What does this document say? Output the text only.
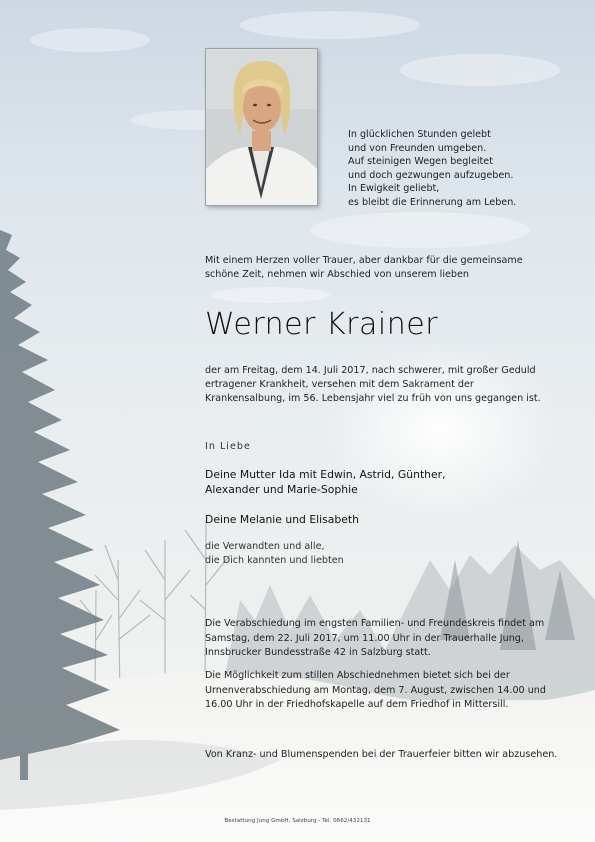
In glücklichen Stunden gelebt
und von Freunden umgeben.
Auf steinigen Wegen begleitet
und doch gezwungen aufzugeben.
In Ewigkeit geliebt,
es bleibt die Erinnerung am Leben.
Mit einem Herzen voller Trauer, aber dankbar für die gemeinsame schöne Zeit, nehmen wir Abschied von unserem lieben
Werner Krainer
der am Freitag, dem 14. Juli 2017, nach schwerer, mit großer Geduld ertragener Krankheit, versehen mit dem Sakrament der Krankensalbung, im 56. Lebensjahr viel zu früh von uns gegangen ist.
In Liebe
Deine Mutter Ida mit Edwin, Astrid, Günther,
Alexander und Marie-Sophie
Deine Melanie und Elisabeth
die Verwandten und alle,
die Dich kannten und liebten
Die Verabschiedung im engsten Familien- und Freundeskreis findet am Samstag, dem 22. Juli 2017, um 11.00 Uhr in der Trauerhalle Jung, Innsbrucker Bundesstraße 42 in Salzburg statt.
Die Möglichkeit zum stillen Abschiednehmen bietet sich bei der Urnenverabschiedung am Montag, dem 7. August, zwischen 14.00 und 16.00 Uhr in der Friedhofskapelle auf dem Friedhof in Mittersill.
Von Kranz- und Blumenspenden bei der Trauerfeier bitten wir abzusehen.
Bestattung Jung GmbH, Salzburg - Tel. 0662/432131
